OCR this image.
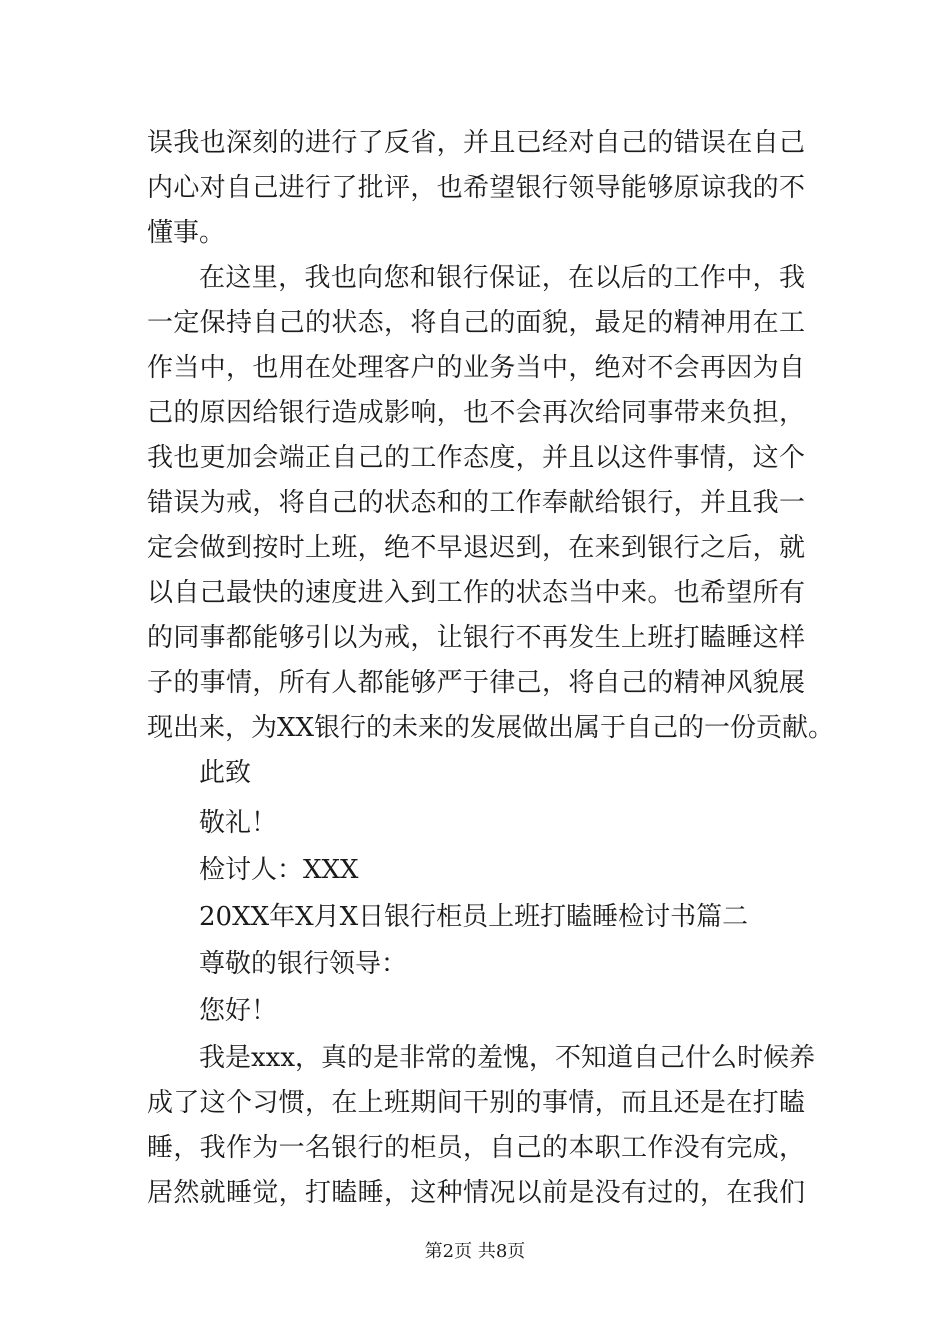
误我也深刻的进行了反省，并且已经对自己的错误在自己
内心对自己进行了批评，也希望银行领导能够原谅我的不
懂事。
在这里，我也向您和银行保证，在以后的工作中，我
一定保持自己的状态，将自己的面貌，最足的精神用在工
作当中，也用在处理客户的业务当中，绝对不会再因为自
己的原因给银行造成影响，也不会再次给同事带来负担，
我也更加会端正自己的工作态度，并且以这件事情，这个
错误为戒，将自己的状态和的工作奉献给银行，并且我一
定会做到按时上班，绝不早退迟到，在来到银行之后，就
以自己最快的速度进入到工作的状态当中来。也希望所有
的同事都能够引以为戒，让银行不再发生上班打瞌睡这样
子的事情，所有人都能够严于律己，将自己的精神风貌展
现出来，为XX银行的未来的发展做出属于自己的一份贡献。
此致
敬礼！
检讨人：XXX
20XX年X月X日银行柜员上班打瞌睡检讨书篇二
尊敬的银行领导：
您好！
我是xxx，真的是非常的羞愧，不知道自己什么时候养
成了这个习惯，在上班期间干别的事情，而且还是在打瞌
睡，我作为一名银行的柜员，自己的本职工作没有完成，
居然就睡觉，打瞌睡，这种情况以前是没有过的，在我们
第2页 共8页
